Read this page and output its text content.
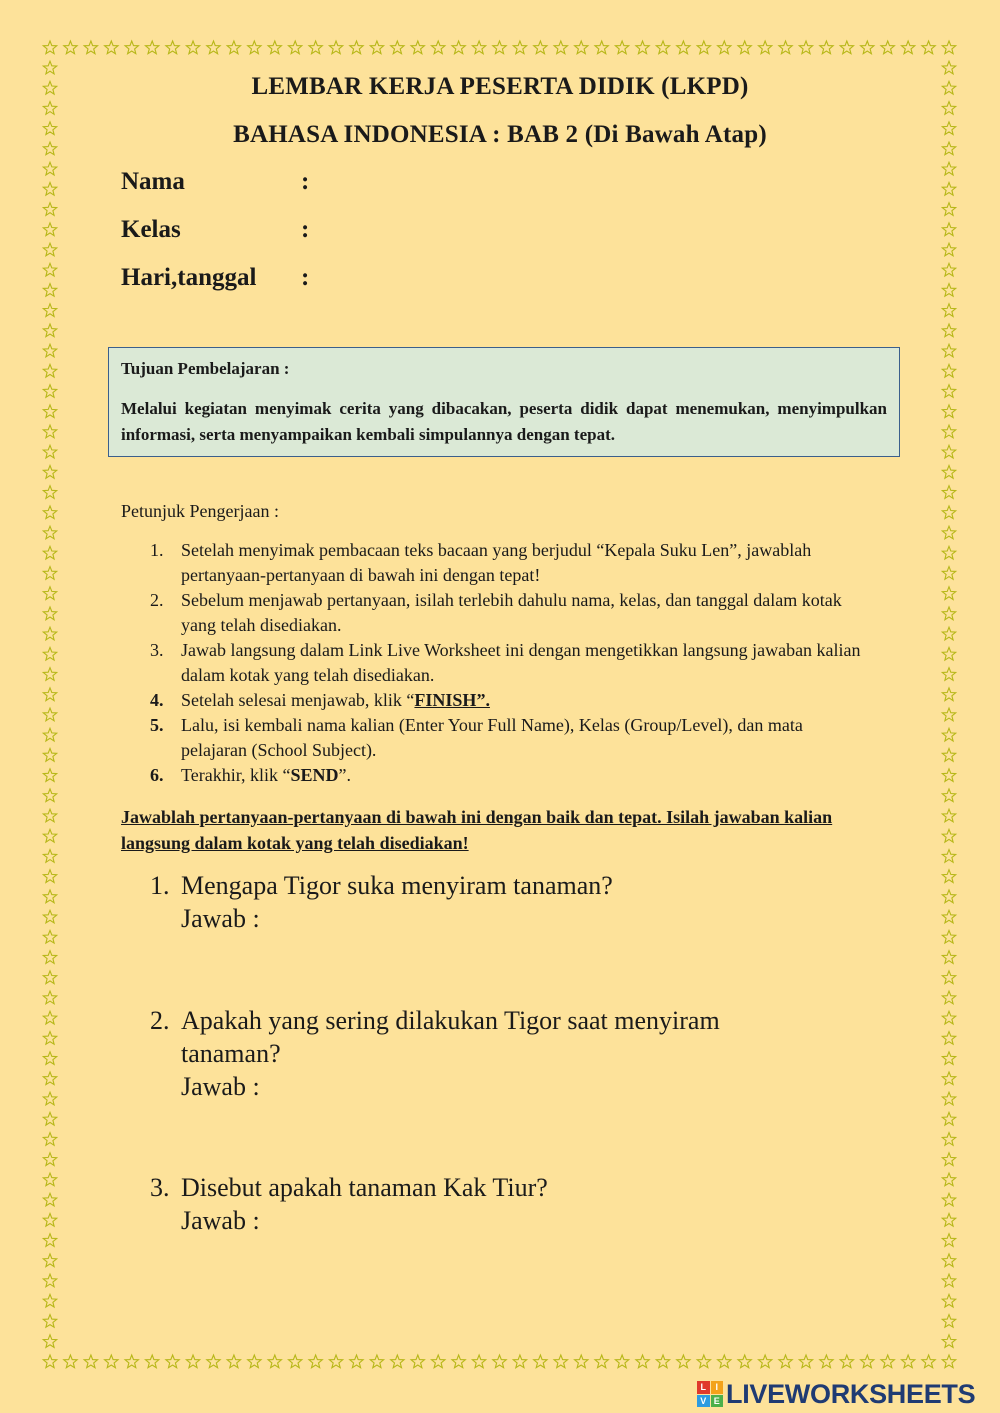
LEMBAR KERJA PESERTA DIDIK (LKPD)
BAHASA INDONESIA : BAB 2 (Di Bawah Atap)
Nama	:
Kelas	:
Hari,tanggal :
Tujuan Pembelajaran :
Melalui kegiatan menyimak cerita yang dibacakan, peserta didik dapat menemukan, menyimpulkan informasi, serta menyampaikan kembali simpulannya dengan tepat.
Petunjuk Pengerjaan :
1. Setelah menyimak pembacaan teks bacaan yang berjudul “Kepala Suku Len”, jawablah pertanyaan-pertanyaan di bawah ini dengan tepat!
2. Sebelum menjawab pertanyaan, isilah terlebih dahulu nama, kelas, dan tanggal dalam kotak yang telah disediakan.
3. Jawab langsung dalam Link Live Worksheet ini dengan mengetikkan langsung jawaban kalian dalam kotak yang telah disediakan.
4. Setelah selesai menjawab, klik “FINISH”.
5. Lalu, isi kembali nama kalian (Enter Your Full Name), Kelas (Group/Level), dan mata pelajaran (School Subject).
6. Terakhir, klik “SEND”.
Jawablah pertanyaan-pertanyaan di bawah ini dengan baik dan tepat. Isilah jawaban kalian langsung dalam kotak yang telah disediakan!
1. Mengapa Tigor suka menyiram tanaman?
Jawab :
2. Apakah yang sering dilakukan Tigor saat menyiram tanaman?
Jawab :
3. Disebut apakah tanaman Kak Tiur?
Jawab :
L	I
V E LIVEWORKSHEETS
